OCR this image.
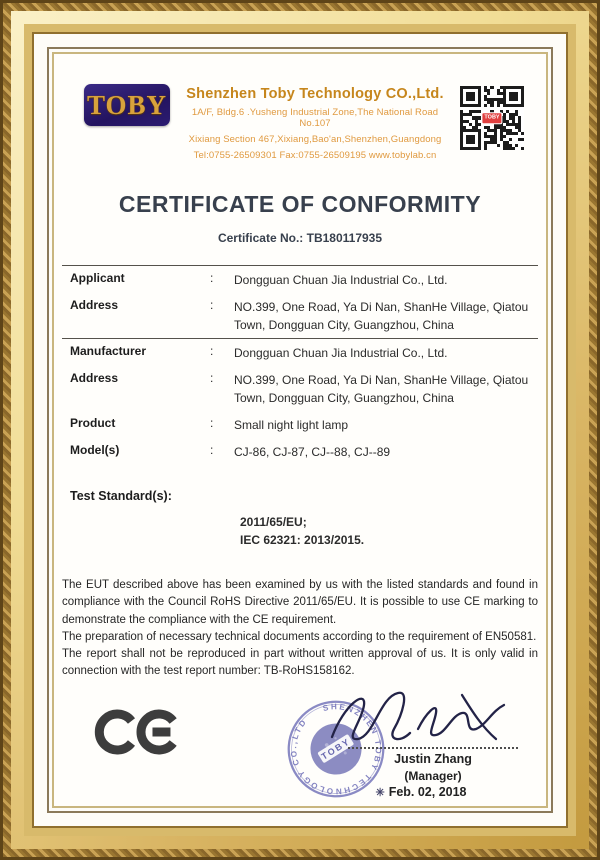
TOBY	Shenzhen Toby Technology CO.,Ltd.
1A/F, Bldg.6 .Yusheng Industrial Zone,The National Road No.107
Xixiang Section 467,Xixiang,Bao'an,Shenzhen,Guangdong
Tel:0755-26509301 Fax:0755-26509195 www.tobylab.cn
TOBY
CERTIFICATE OF CONFORMITY
Certificate No.: TB180117935
Applicant	:	Dongguan Chuan Jia Industrial Co., Ltd.
Address	:	NO.399, One Road, Ya Di Nan, ShanHe Village, Qiatou Town, Dongguan City, Guangzhou, China
Manufacturer	:	Dongguan Chuan Jia Industrial Co., Ltd.
Address	:	NO.399, One Road, Ya Di Nan, ShanHe Village, Qiatou Town, Dongguan City, Guangzhou, China
Product	:	Small night light lamp
Model(s)	:	CJ-86, CJ-87, CJ--88, CJ--89
Test Standard(s):
2011/65/EU;
IEC 62321: 2013/2015.

The EUT described above has been examined by us with the listed standards and found in compliance with the Council RoHS Directive 2011/65/EU. It is possible to use CE marking to demonstrate the compliance with the CE requirement.

The preparation of necessary technical documents according to the requirement of EN50581.

The report shall not be reproduced in part without written approval of us. It is only valid in connection with the test report number: TB-RoHS158162.

SHENZHEN TOBY TECHNOLOGY CO.,LTD
TOBY	Justin Zhang
(Manager)
✳ Feb. 02, 2018
